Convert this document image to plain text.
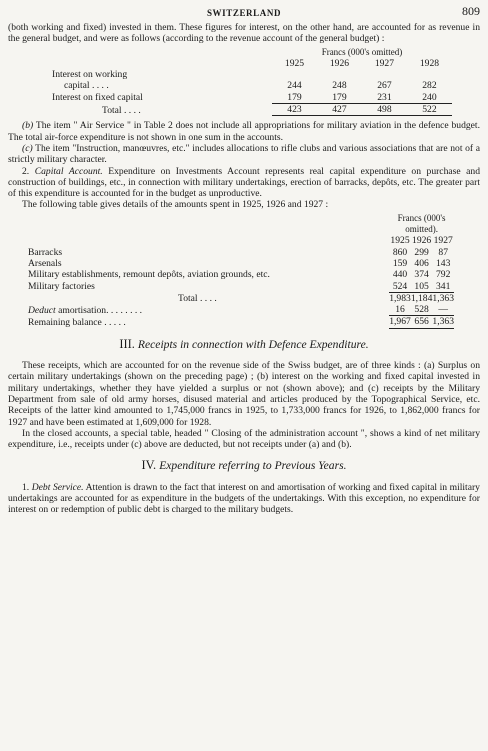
SWITZERLAND	809

(both working and fixed) invested in them. These figures for interest, on the other hand, are accounted for as revenue in the general budget, and were as follows (according to the revenue account of the general budget) :

	Francs (000's omitted)			
	1925	1926	1927	1928
Interest on working				
capital . . . .	244	248	267	282
Interest on fixed capital	179	179	231	240
Total . . . .	423	427	498	522

(b) The item " Air Service " in Table 2 does not include all appropriations for military aviation in the defence budget. The total air-force expenditure is not shown in one sum in the accounts.

(c) The item "Instruction, manœuvres, etc." includes allocations to rifle clubs and various associations that are not of a strictly military character.

2. Capital Account. Expenditure on Investments Account represents real capital expenditure on purchase and construction of buildings, etc., in connection with military undertakings, erection of barracks, depôts, etc. The greater part of this expenditure is accounted for in the budget as unproductive.

The following table gives details of the amounts spent in 1925, 1926 and 1927 :

	Francs (000's omitted).		
	1925	1926	1927
Barracks	860	299	87
Arsenals	159	406	143
Military establishments, remount depôts, aviation grounds, etc.	440	374	792
Military factories	524	105	341
Total . . . .	1,983	1,184	1,363
Deduct amortisation. . . . . . . .	16	528	—
Remaining balance . . . . .	1,967	656	1,363
III. Receipts in connection with Defence Expenditure.

These receipts, which are accounted for on the revenue side of the Swiss budget, are of three kinds : (a) Surplus on certain military undertakings (shown on the preceding page) ; (b) interest on the working and fixed capital invested in military undertakings, whether they have yielded a surplus or not (shown above); and (c) receipts by the Military Department from sale of old army horses, disused material and articles produced by the Topographical Service, etc. Receipts of the latter kind amounted to 1,745,000 francs in 1925, to 1,733,000 francs for 1926, to 1,862,000 francs for 1927 and have been estimated at 1,609,000 for 1928.

In the closed accounts, a special table, headed " Closing of the administration account ", shows a kind of net military expenditure, i.e., receipts under (c) above are deducted, but not receipts under (a) and (b).

IV. Expenditure referring to Previous Years.

1. Debt Service. Attention is drawn to the fact that interest on and amortisation of working and fixed capital in military undertakings are accounted for as expenditure in the budgets of the undertakings. With this exception, no expenditure for interest on or redemption of public debt is charged to the military budgets.
